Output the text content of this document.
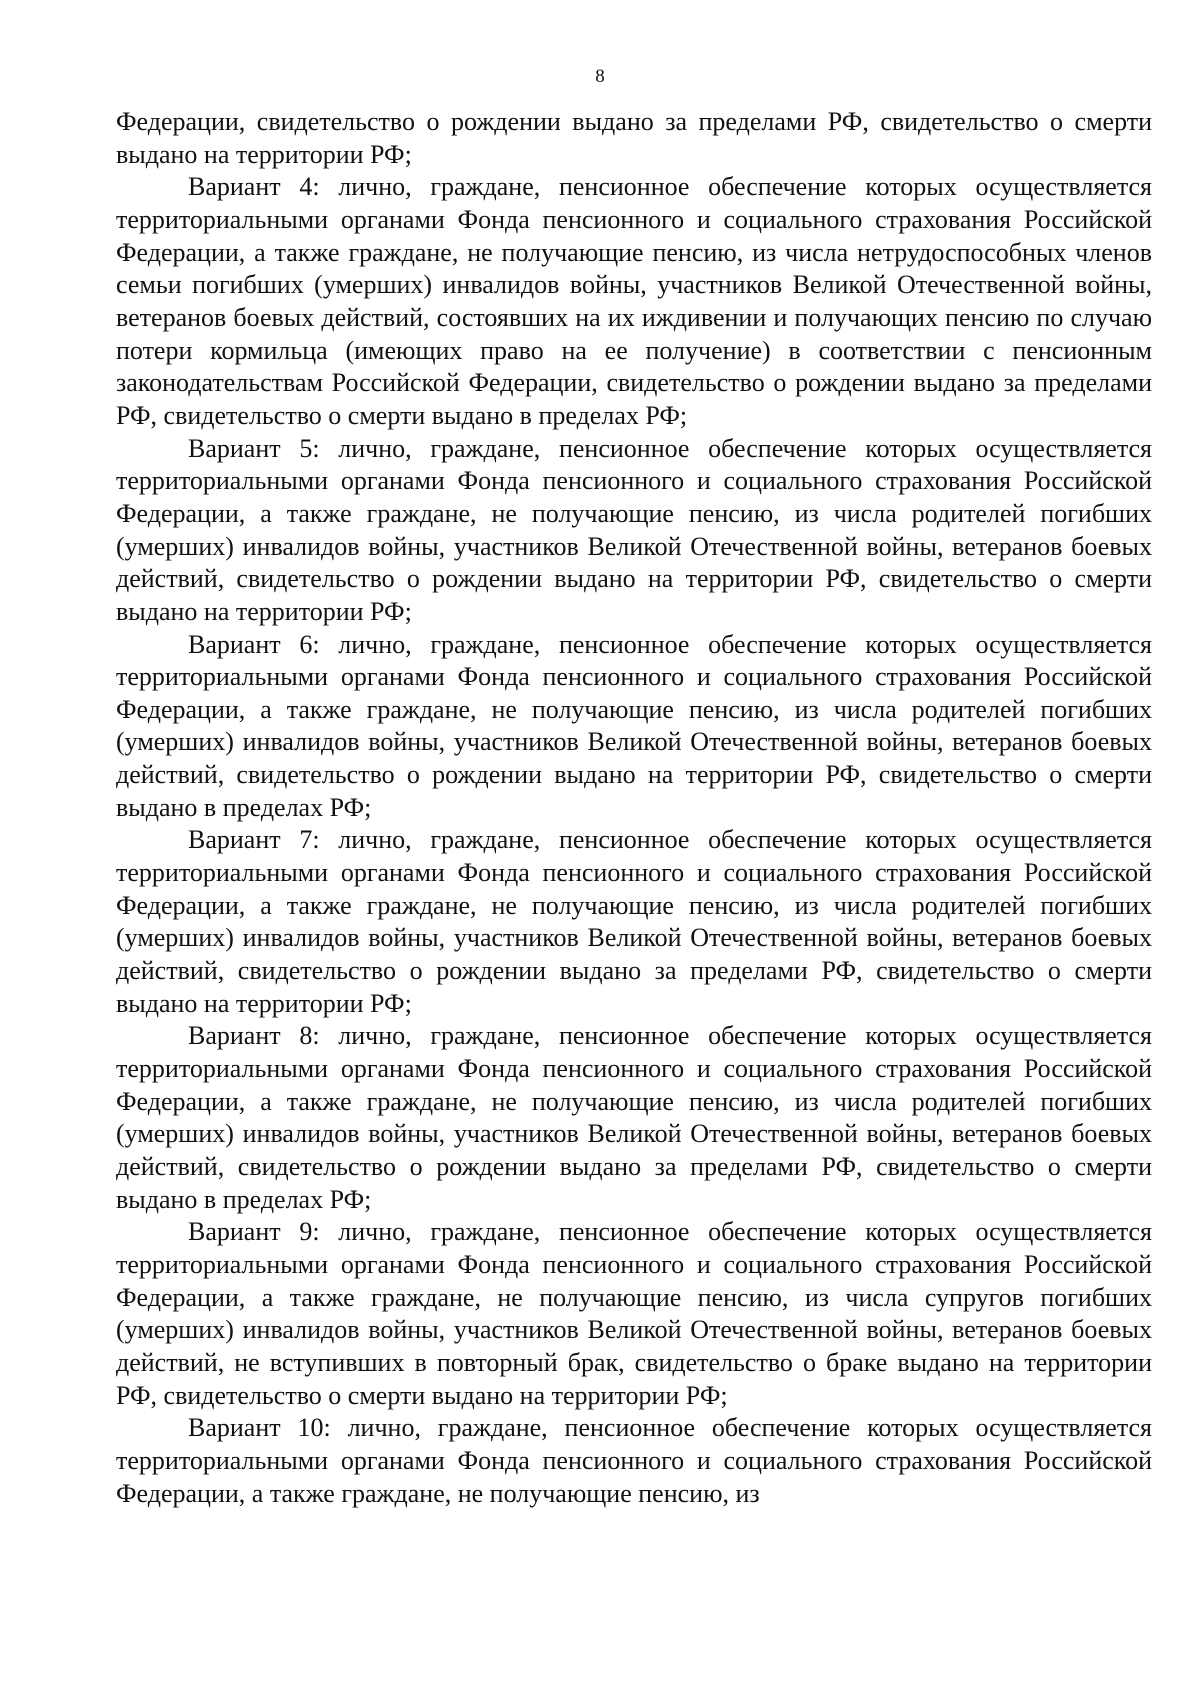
8

Федерации, свидетельство о рождении выдано за пределами РФ, свидетельство о смерти выдано на территории РФ;

Вариант 4: лично, граждане, пенсионное обеспечение которых осуществляется территориальными органами Фонда пенсионного и социального страхования Российской Федерации, а также граждане, не получающие пенсию, из числа нетрудоспособных членов семьи погибших (умерших) инвалидов войны, участников Великой Отечественной войны, ветеранов боевых действий, состоявших на их иждивении и получающих пенсию по случаю потери кормильца (имеющих право на ее получение) в соответствии с пенсионным законодательствам Российской Федерации, свидетельство о рождении выдано за пределами РФ, свидетельство о смерти выдано в пределах РФ;

Вариант 5: лично, граждане, пенсионное обеспечение которых осуществляется территориальными органами Фонда пенсионного и социального страхования Российской Федерации, а также граждане, не получающие пенсию, из числа родителей погибших (умерших) инвалидов войны, участников Великой Отечественной войны, ветеранов боевых действий, свидетельство о рождении выдано на территории РФ, свидетельство о смерти выдано на территории РФ;

Вариант 6: лично, граждане, пенсионное обеспечение которых осуществляется территориальными органами Фонда пенсионного и социального страхования Российской Федерации, а также граждане, не получающие пенсию, из числа родителей погибших (умерших) инвалидов войны, участников Великой Отечественной войны, ветеранов боевых действий, свидетельство о рождении выдано на территории РФ, свидетельство о смерти выдано в пределах РФ;

Вариант 7: лично, граждане, пенсионное обеспечение которых осуществляется территориальными органами Фонда пенсионного и социального страхования Российской Федерации, а также граждане, не получающие пенсию, из числа родителей погибших (умерших) инвалидов войны, участников Великой Отечественной войны, ветеранов боевых действий, свидетельство о рождении выдано за пределами РФ, свидетельство о смерти выдано на территории РФ;

Вариант 8: лично, граждане, пенсионное обеспечение которых осуществляется территориальными органами Фонда пенсионного и социального страхования Российской Федерации, а также граждане, не получающие пенсию, из числа родителей погибших (умерших) инвалидов войны, участников Великой Отечественной войны, ветеранов боевых действий, свидетельство о рождении выдано за пределами РФ, свидетельство о смерти выдано в пределах РФ;

Вариант 9: лично, граждане, пенсионное обеспечение которых осуществляется территориальными органами Фонда пенсионного и социального страхования Российской Федерации, а также граждане, не получающие пенсию, из числа супругов погибших (умерших) инвалидов войны, участников Великой Отечественной войны, ветеранов боевых действий, не вступивших в повторный брак, свидетельство о браке выдано на территории РФ, свидетельство о смерти выдано на территории РФ;

Вариант 10: лично, граждане, пенсионное обеспечение которых осуществляется территориальными органами Фонда пенсионного и социального страхования Российской Федерации, а также граждане, не получающие пенсию, из
